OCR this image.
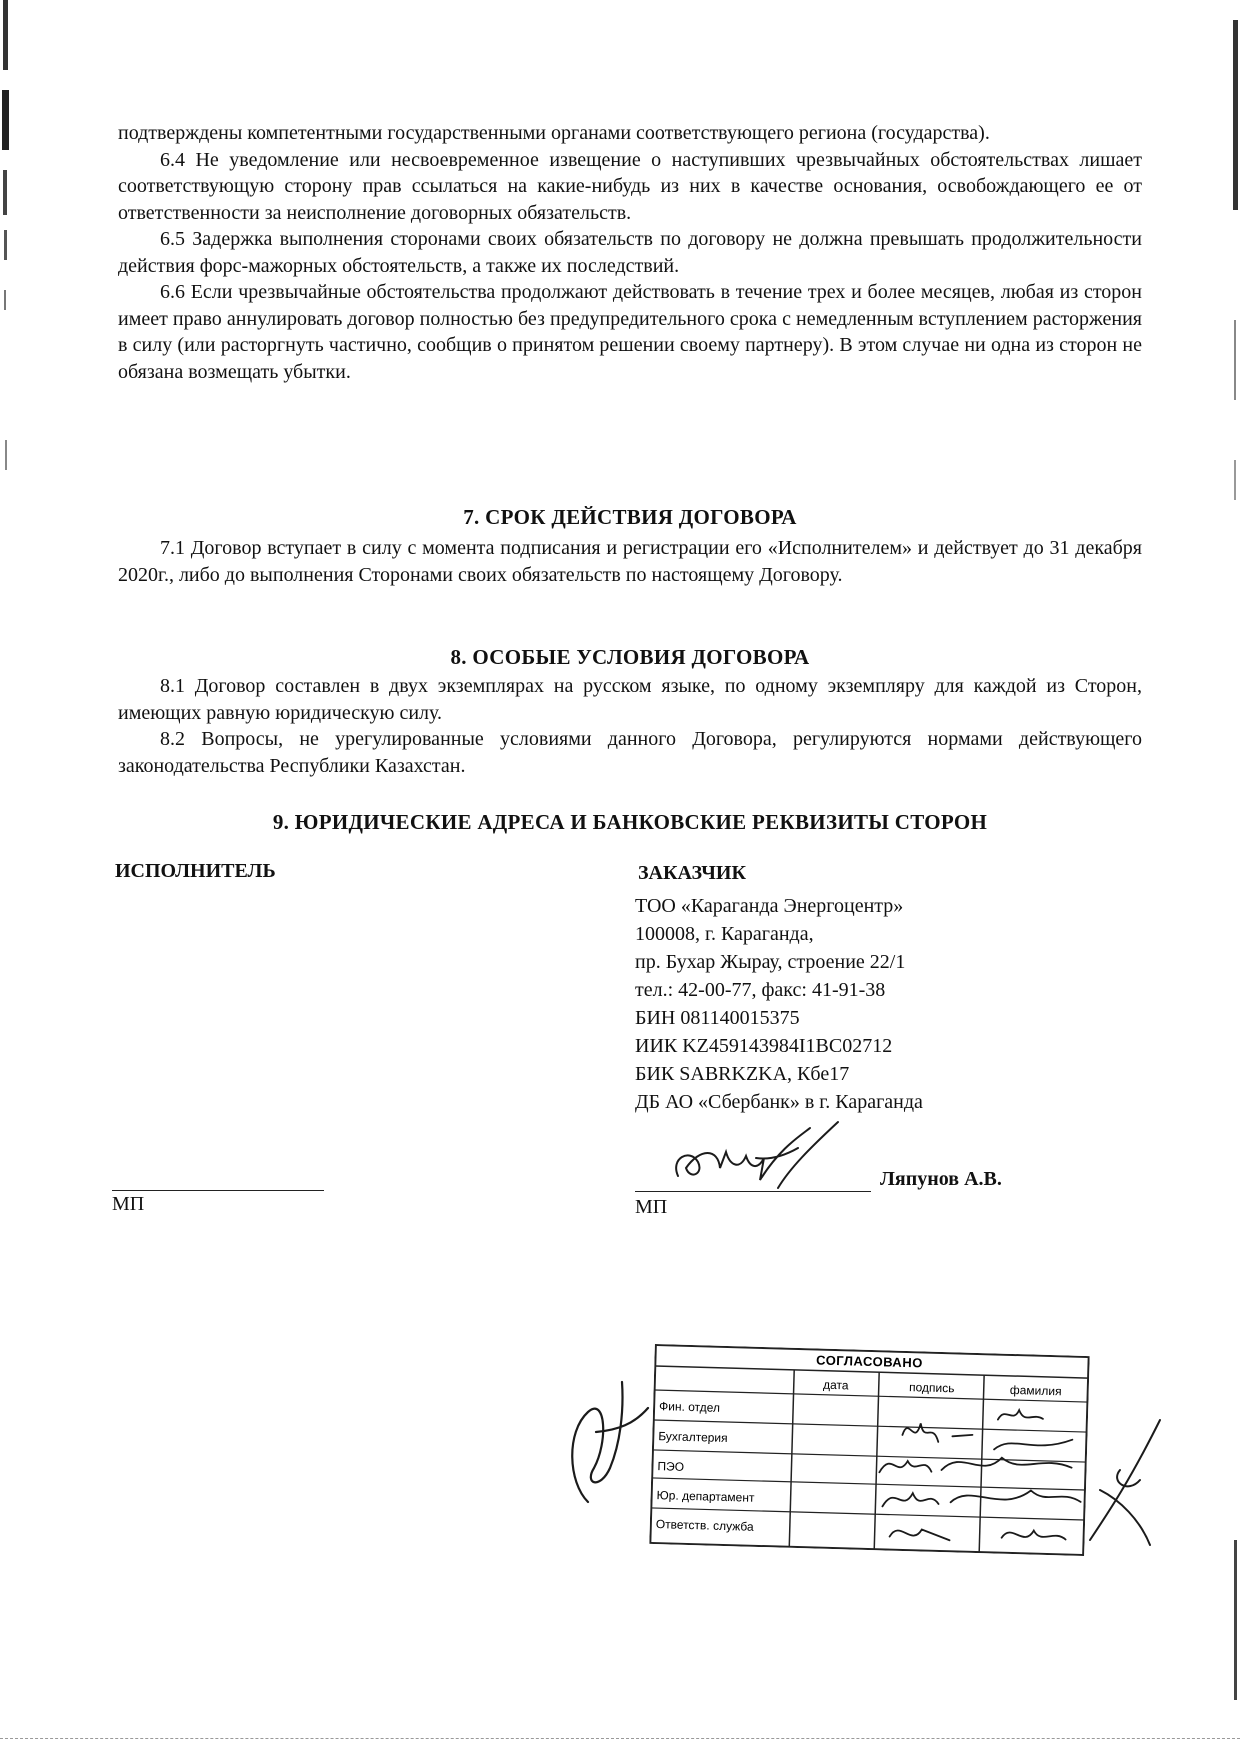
подтверждены компетентными государственными органами соответствующего региона (государства).

6.4 Не уведомление или несвоевременное извещение о наступивших чрезвычайных обстоятельствах лишает соответствующую сторону прав ссылаться на какие-нибудь из них в качестве основания, освобождающего ее от ответственности за неисполнение договорных обязательств.

6.5 Задержка выполнения сторонами своих обязательств по договору не должна превышать продолжительности действия форс-мажорных обстоятельств, а также их последствий.

6.6 Если чрезвычайные обстоятельства продолжают действовать в течение трех и более месяцев, любая из сторон имеет право аннулировать договор полностью без предупредительного срока с немедленным вступлением расторжения в силу (или расторгнуть частично, сообщив о принятом решении своему партнеру). В этом случае ни одна из сторон не обязана возмещать убытки.

7. СРОК ДЕЙСТВИЯ ДОГОВОРА

7.1 Договор вступает в силу с момента подписания и регистрации его «Исполнителем» и действует до 31 декабря 2020г., либо до выполнения Сторонами своих обязательств по настоящему Договору.

8. ОСОБЫЕ УСЛОВИЯ ДОГОВОРА

8.1 Договор составлен в двух экземплярах на русском языке, по одному экземпляру для каждой из Сторон, имеющих равную юридическую силу.

8.2 Вопросы, не урегулированные условиями данного Договора, регулируются нормами действующего законодательства Республики Казахстан.

9. ЮРИДИЧЕСКИЕ АДРЕСА И БАНКОВСКИЕ РЕКВИЗИТЫ СТОРОН
ИСПОЛНИТЕЛЬ	ЗАКАЗЧИК
ТОО «Караганда Энергоцентр»
100008, г. Караганда,
пр. Бухар Жырау, строение 22/1
тел.: 42-00-77, факс: 41-91-38
БИН 081140015375
ИИК KZ459143984I1BC02712
БИК SABRKZKA, Кбе17
ДБ АО «Сбербанк» в г. Караганда
МП
Ляпунов А.В.
МП
СОГЛАСОВАНО
дата	подпись	фамилия
Фин. отдел
Бухгалтерия
ПЭО
Юр. департамент
Ответств. служба
